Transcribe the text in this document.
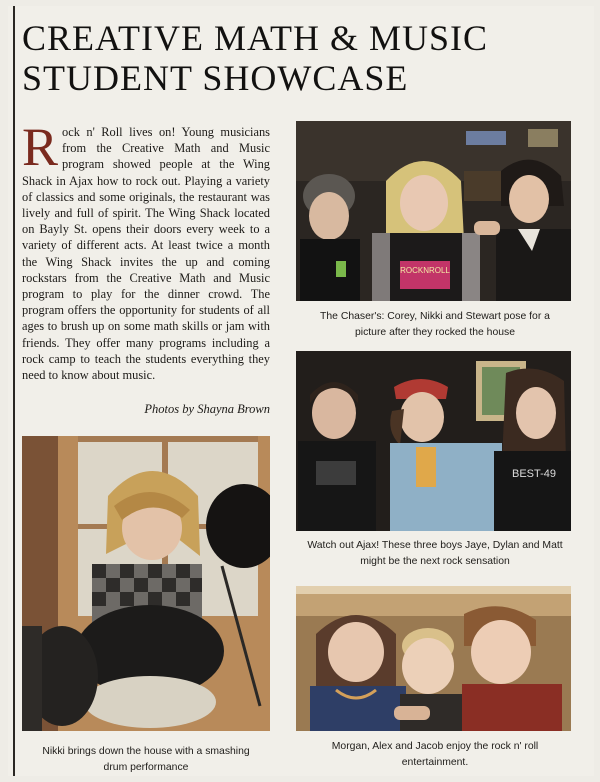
CREATIVE MATH & MUSIC STUDENT SHOWCASE
Rock n' Roll lives on! Young musicians from the Creative Math and Music program showed people at the Wing Shack in Ajax how to rock out. Playing a variety of classics and some originals, the restaurant was lively and full of spirit. The Wing Shack located on Bayly St. opens their doors every week to a variety of different acts. At least twice a month the Wing Shack invites the up and coming rockstars from the Creative Math and Music program to play for the dinner crowd. The program offers the opportunity for students of all ages to brush up on some math skills or jam with friends. They offer many programs including a rock camp to teach the students everything they need to know about music.
Photos by Shayna Brown
ROCKNROLL
The Chaser's: Corey, Nikki and Stewart pose for a picture after they rocked the house
BEST-49
Watch out Ajax! These three boys Jaye, Dylan and Matt might be the next rock sensation
Nikki brings down the house with a smashing drum performance
Morgan, Alex and Jacob enjoy the rock n' roll entertainment.
